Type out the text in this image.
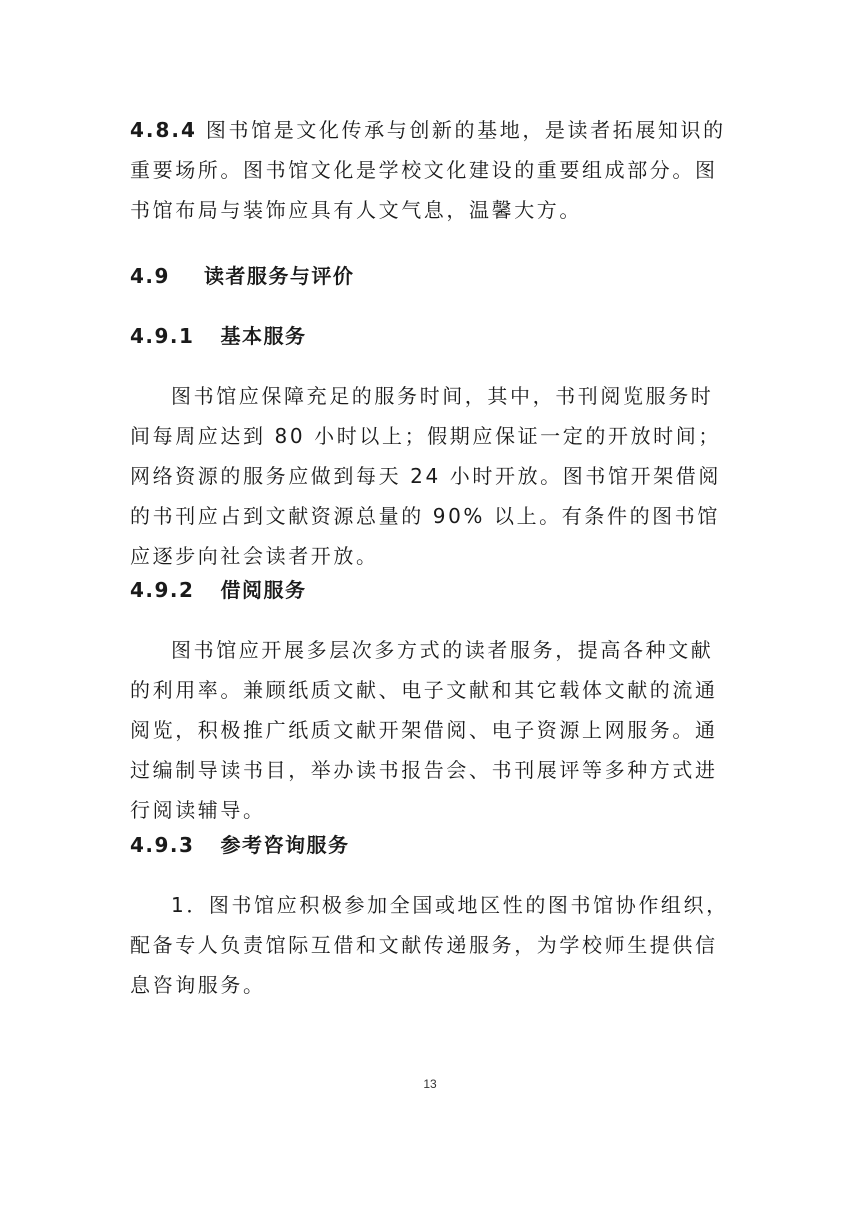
4.8.4 图书馆是文化传承与创新的基地，是读者拓展知识的重要场所。图书馆文化是学校文化建设的重要组成部分。图书馆布局与装饰应具有人文气息，温馨大方。

4.9 读者服务与评价

4.9.1 基本服务

图书馆应保障充足的服务时间，其中，书刊阅览服务时间每周应达到 80 小时以上；假期应保证一定的开放时间；网络资源的服务应做到每天 24 小时开放。图书馆开架借阅的书刊应占到文献资源总量的 90% 以上。有条件的图书馆应逐步向社会读者开放。

4.9.2 借阅服务

图书馆应开展多层次多方式的读者服务，提高各种文献的利用率。兼顾纸质文献、电子文献和其它载体文献的流通阅览，积极推广纸质文献开架借阅、电子资源上网服务。通过编制导读书目，举办读书报告会、书刊展评等多种方式进行阅读辅导。

4.9.3 参考咨询服务

1．图书馆应积极参加全国或地区性的图书馆协作组织，配备专人负责馆际互借和文献传递服务，为学校师生提供信息咨询服务。

13
